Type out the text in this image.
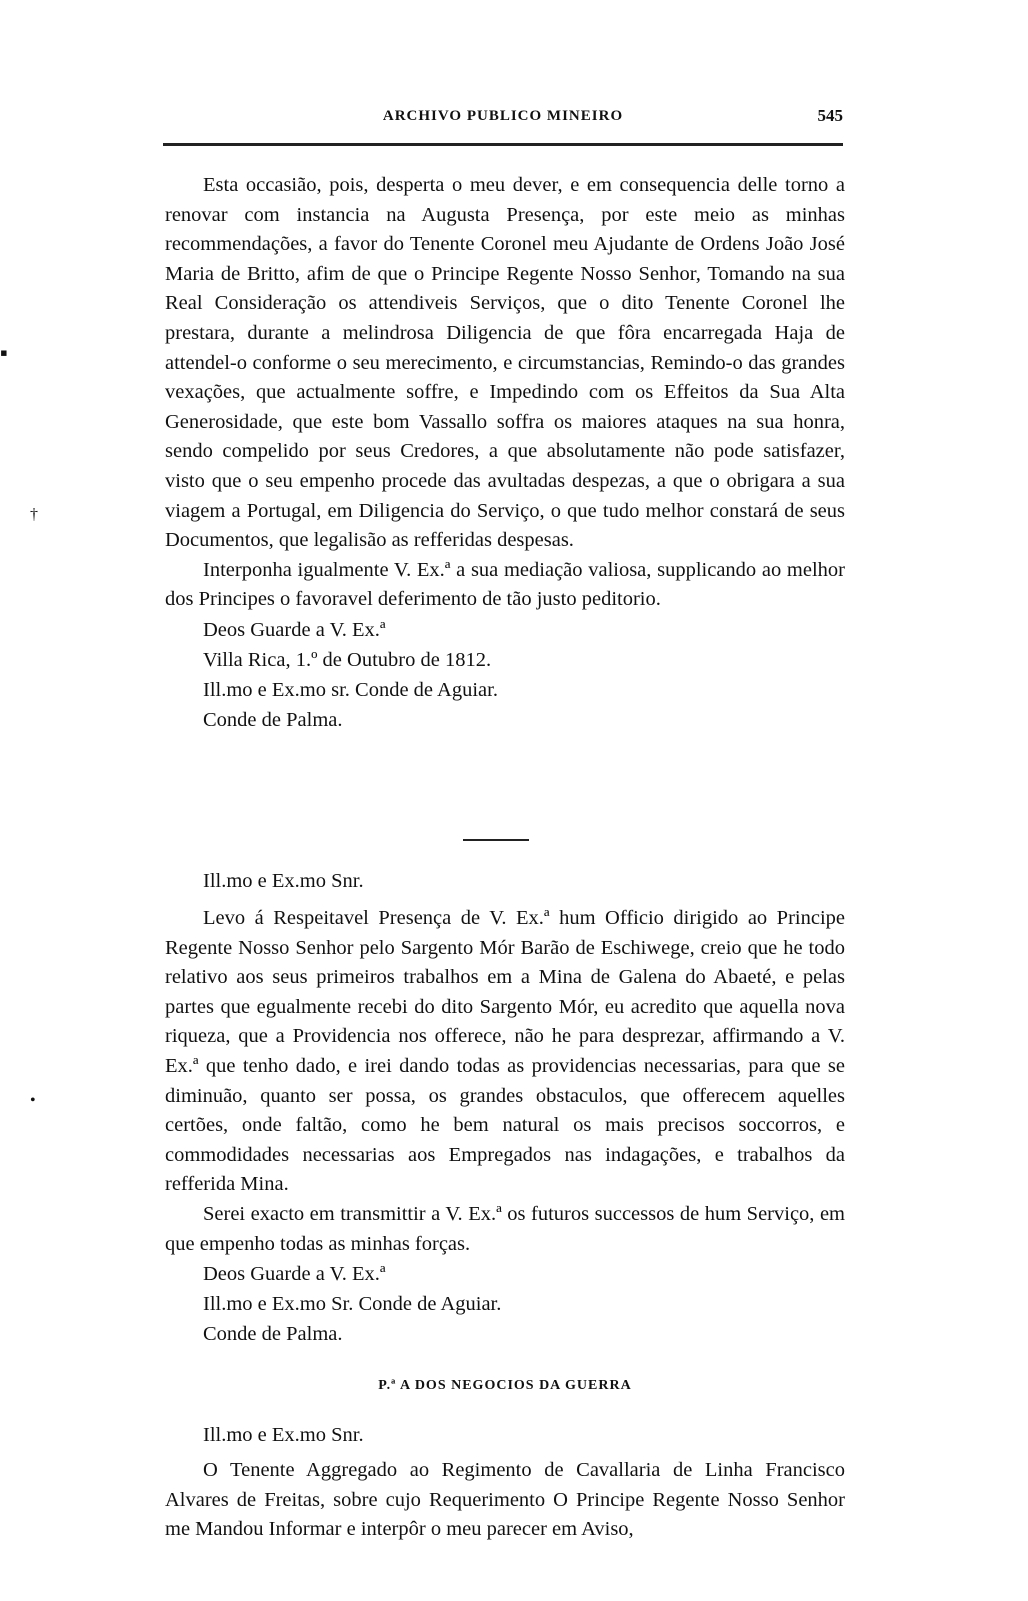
ARCHIVO PUBLICO MINEIRO	545

Esta occasião, pois, desperta o meu dever, e em consequencia delle torno a renovar com instancia na Augusta Presença, por este meio as minhas recommendações, a favor do Tenente Coronel meu Ajudante de Ordens João José Maria de Britto, afim de que o Principe Regente Nosso Senhor, Tomando na sua Real Consideração os attendiveis Serviços, que o dito Tenente Coronel lhe prestara, durante a melindrosa Diligencia de que fôra encarregada Haja de attendel-o conforme o seu merecimento, e circumstancias, Remindo-o das grandes vexações, que actualmente soffre, e Impedindo com os Effeitos da Sua Alta Generosidade, que este bom Vassallo soffra os maiores ataques na sua honra, sendo compelido por seus Credores, a que absolutamente não pode satisfazer, visto que o seu empenho procede das avultadas despezas, a que o obrigara a sua viagem a Portugal, em Diligencia do Serviço, o que tudo melhor constará de seus Documentos, que legalisão as refferidas despesas.

Interponha igualmente V. Ex.ª a sua mediação valiosa, supplicando ao melhor dos Principes o favoravel deferimento de tão justo peditorio.

Deos Guarde a V. Ex.ª

Villa Rica, 1.º de Outubro de 1812.

Ill.mo e Ex.mo sr. Conde de Aguiar.

Conde de Palma.

Ill.mo e Ex.mo Snr.

Levo á Respeitavel Presença de V. Ex.ª hum Officio dirigido ao Principe Regente Nosso Senhor pelo Sargento Mór Barão de Eschiwege, creio que he todo relativo aos seus primeiros trabalhos em a Mina de Galena do Abaeté, e pelas partes que egualmente recebi do dito Sargento Mór, eu acredito que aquella nova riqueza, que a Providencia nos offerece, não he para desprezar, affirmando a V. Ex.ª que tenho dado, e irei dando todas as providencias necessarias, para que se diminuão, quanto ser possa, os grandes obstaculos, que offerecem aquelles certões, onde faltão, como he bem natural os mais precisos soccorros, e commodidades necessarias aos Empregados nas indagações, e trabalhos da refferida Mina.

Serei exacto em transmittir a V. Ex.ª os futuros successos de hum Serviço, em que empenho todas as minhas forças.

Deos Guarde a V. Ex.ª

Ill.mo e Ex.mo Sr. Conde de Aguiar.

Conde de Palma.

P.ª A DOS NEGOCIOS DA GUERRA

Ill.mo e Ex.mo Snr.

O Tenente Aggregado ao Regimento de Cavallaria de Linha Francisco Alvares de Freitas, sobre cujo Requerimento O Principe Regente Nosso Senhor me Mandou Informar e interpôr o meu parecer em Aviso,

†
•
▪
